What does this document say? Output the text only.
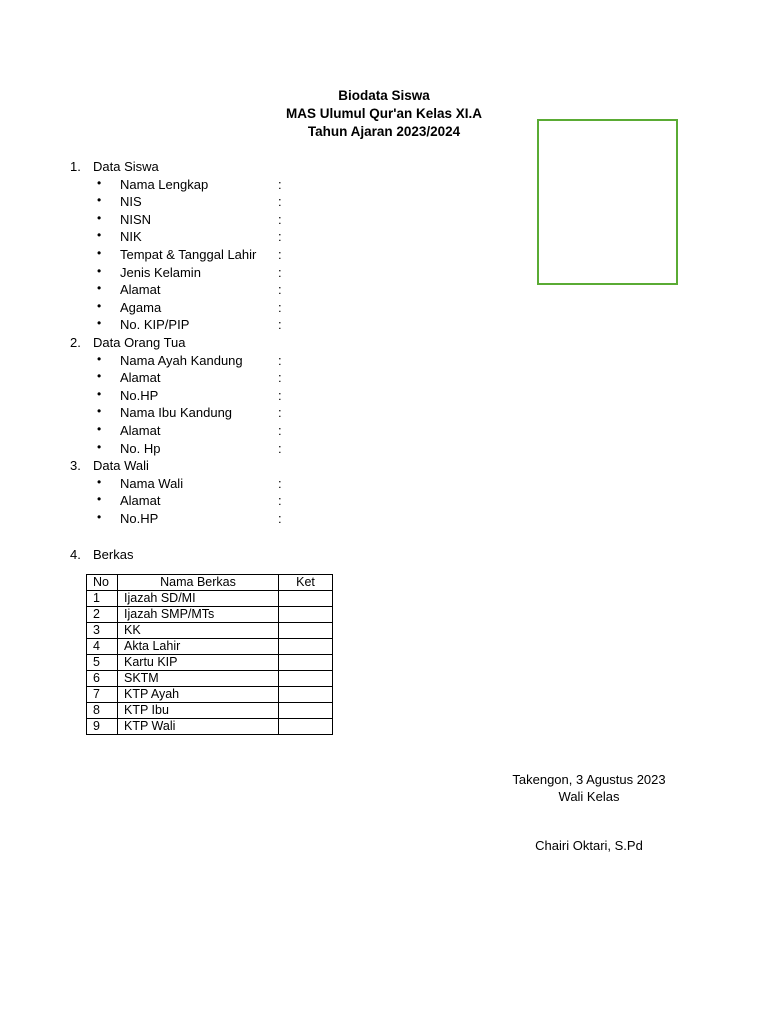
Biodata Siswa
MAS Ulumul Qur'an Kelas XI.A
Tahun Ajaran 2023/2024
1. Data Siswa
• Nama Lengkap	:
• NIS	:
• NISN	:
• NIK	:
• Tempat & Tanggal Lahir :
• Jenis Kelamin	:
• Alamat	:
• Agama	:
• No. KIP/PIP	:
2. Data Orang Tua
• Nama Ayah Kandung	:
• Alamat	:
• No.HP	:
• Nama Ibu Kandung	:
• Alamat	:
• No. Hp	:
3. Data Wali
• Nama Wali	:
• Alamat	:
• No.HP	:
4. Berkas
No	Nama Berkas	Ket
1	Ijazah SD/MI	
2	Ijazah SMP/MTs	
3	KK	
4	Akta Lahir	
5	Kartu KIP	
6	SKTM	
7	KTP Ayah	
8	KTP Ibu	
9	KTP Wali	
Takengon, 3 Agustus 2023
Wali Kelas
Chairi Oktari, S.Pd
